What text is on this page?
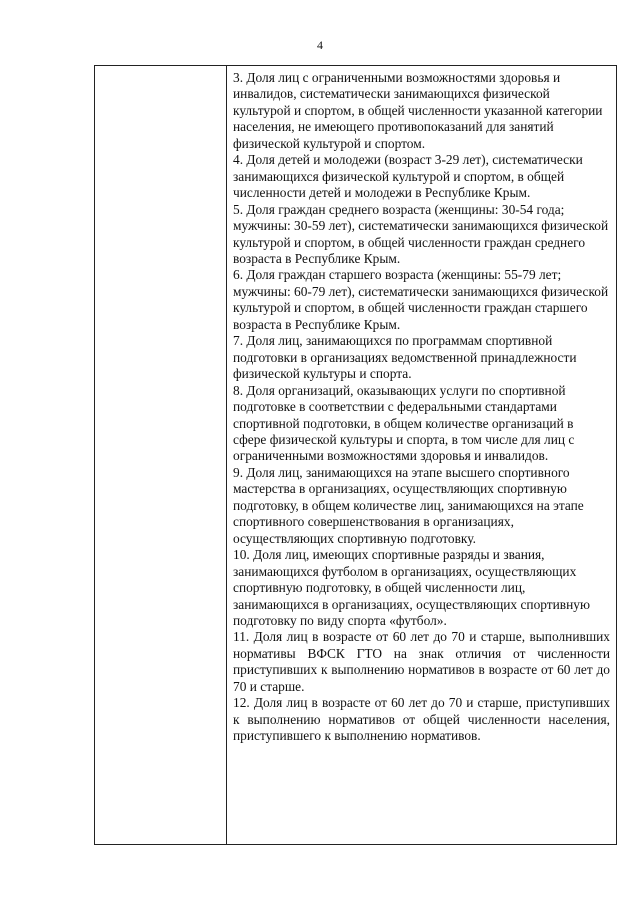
4

3. Доля лиц с ограниченными возможностями здоровья и инвалидов, систематически занимающихся физической культурой и спортом, в общей численности указанной категории населения, не имеющего противопоказаний для занятий физической культурой и спортом.

4. Доля детей и молодежи (возраст 3-29 лет), систематически занимающихся физической культурой и спортом, в общей численности детей и молодежи в Республике Крым.

5. Доля граждан среднего возраста (женщины: 30-54 года; мужчины: 30-59 лет), систематически занимающихся физической культурой и спортом, в общей численности граждан среднего возраста в Республике Крым.

6. Доля граждан старшего возраста (женщины: 55-79 лет; мужчины: 60-79 лет), систематически занимающихся физической культурой и спортом, в общей численности граждан старшего возраста в Республике Крым.

7. Доля лиц, занимающихся по программам спортивной подготовки в организациях ведомственной принадлежности физической культуры и спорта.

8. Доля организаций, оказывающих услуги по спортивной подготовке в соответствии с федеральными стандартами спортивной подготовки, в общем количестве организаций в сфере физической культуры и спорта, в том числе для лиц с ограниченными возможностями здоровья и инвалидов.

9. Доля лиц, занимающихся на этапе высшего спортивного мастерства в организациях, осуществляющих спортивную подготовку, в общем количестве лиц, занимающихся на этапе спортивного совершенствования в организациях, осуществляющих спортивную подготовку.

10. Доля лиц, имеющих спортивные разряды и звания, занимающихся футболом в организациях, осуществляющих спортивную подготовку, в общей численности лиц, занимающихся в организациях, осуществляющих спортивную подготовку по виду спорта «футбол».

11. Доля лиц в возрасте от 60 лет до 70 и старше, выполнивших нормативы ВФСК ГТО на знак отличия от численности приступивших к выполнению нормативов в возрасте от 60 лет до 70 и старше.

12. Доля лиц в возрасте от 60 лет до 70 и старше, приступивших к выполнению нормативов от общей численности населения, приступившего к выполнению нормативов.
